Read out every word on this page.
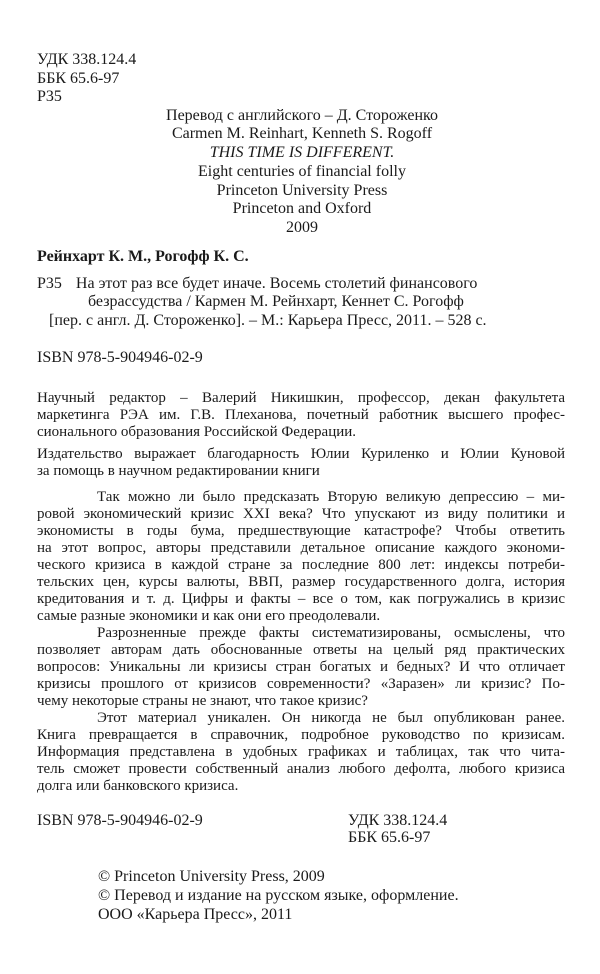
УДК 338.124.4
ББК 65.6-97
Р35
Перевод с английского – Д. Стороженко
Carmen M. Reinhart, Kenneth S. Rogoff
THIS TIME IS DIFFERENT.
Eight centuries of financial folly
Princeton University Press
Princeton and Oxford
2009
Рейнхарт К. М., Рогофф К. С.
Р35 На этот раз все будет иначе. Восемь столетий финансового
безрассудства / Кармен М. Рейнхарт, Кеннет С. Рогофф
[пер. с англ. Д. Стороженко]. – М.: Карьера Пресс, 2011. – 528 с.
ISBN 978-5-904946-02-9
Научный редактор – Валерий Никишкин, профессор, декан факультета
маркетинга РЭА им. Г.В. Плеханова, почетный работник высшего профес-
сионального образования Российской Федерации.
Издательство выражает благодарность Юлии Куриленко и Юлии Куновой
за помощь в научном редактировании книги
Так можно ли было предсказать Вторую великую депрессию – ми-
ровой экономический кризис XXI века? Что упускают из виду политики и
экономисты в годы бума, предшествующие катастрофе? Чтобы ответить
на этот вопрос, авторы представили детальное описание каждого экономи-
ческого кризиса в каждой стране за последние 800 лет: индексы потреби-
тельских цен, курсы валюты, ВВП, размер государственного долга, история
кредитования и т. д. Цифры и факты – все о том, как погружались в кризис
самые разные экономики и как они его преодолевали.
Разрозненные прежде факты систематизированы, осмыслены, что
позволяет авторам дать обоснованные ответы на целый ряд практических
вопросов: Уникальны ли кризисы стран богатых и бедных? И что отличает
кризисы прошлого от кризисов современности? «Заразен» ли кризис? По-
чему некоторые страны не знают, что такое кризис?
Этот материал уникален. Он никогда не был опубликован ранее.
Книга превращается в справочник, подробное руководство по кризисам.
Информация представлена в удобных графиках и таблицах, так что чита-
тель сможет провести собственный анализ любого дефолта, любого кризиса
долга или банковского кризиса.
ISBN 978-5-904946-02-9	УДК 338.124.4
ББК 65.6-97
© Princeton University Press, 2009
© Перевод и издание на русском языке, оформление.
ООО «Карьера Пресс», 2011
